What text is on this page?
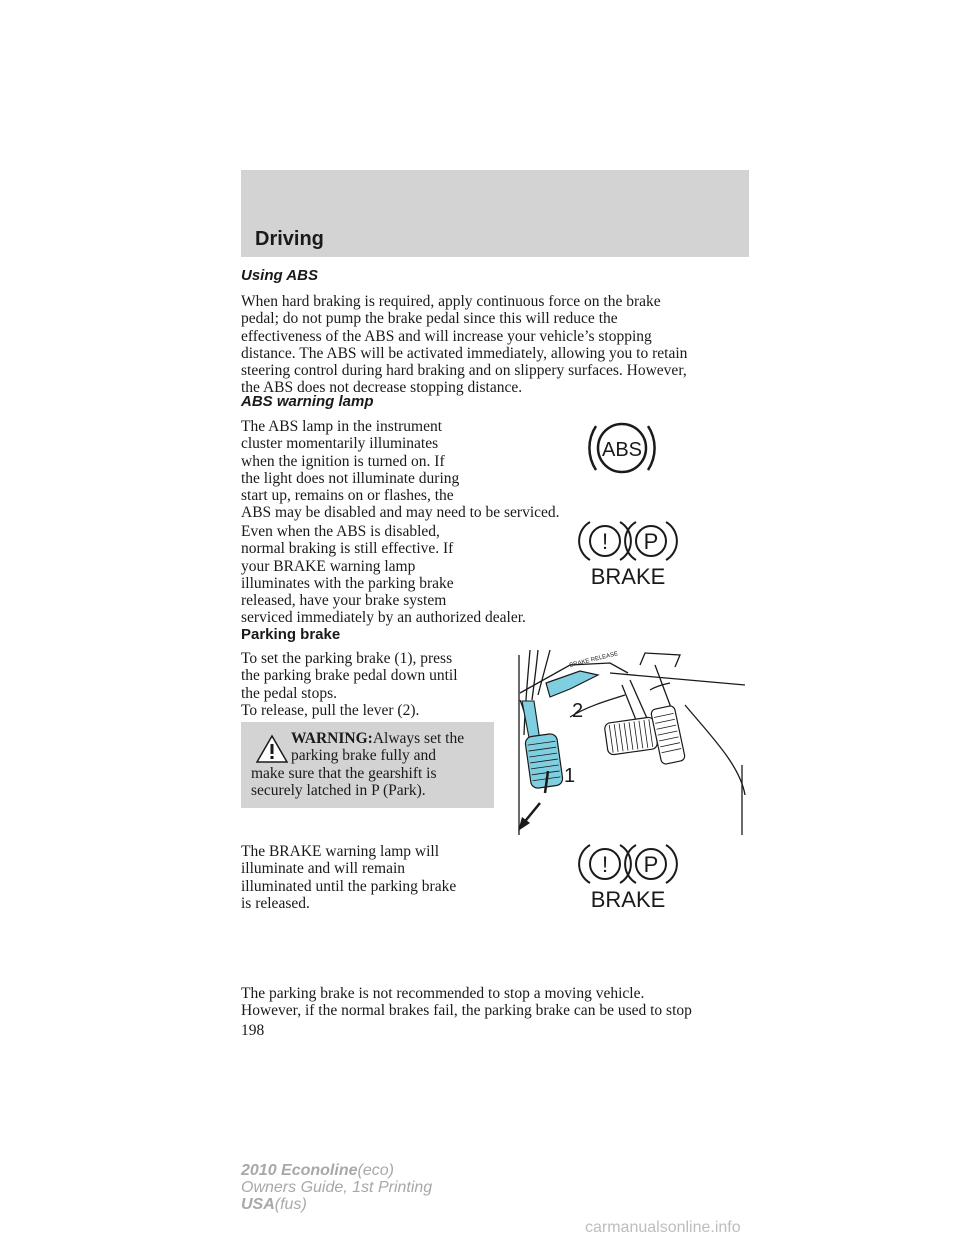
Driving
Using ABS
When hard braking is required, apply continuous force on the brake
pedal; do not pump the brake pedal since this will reduce the
effectiveness of the ABS and will increase your vehicle’s stopping
distance. The ABS will be activated immediately, allowing you to retain
steering control during hard braking and on slippery surfaces. However,
the ABS does not decrease stopping distance.
ABS warning lamp
The ABS lamp in the instrument
cluster momentarily illuminates
when the ignition is turned on. If
the light does not illuminate during
start up, remains on or flashes, the
ABS may be disabled and may need to be serviced.
ABS
Even when the ABS is disabled,
normal braking is still effective. If
your BRAKE warning lamp
illuminates with the parking brake
released, have your brake system
serviced immediately by an authorized dealer.
! P
BRAKE
Parking brake
To set the parking brake (1), press
the parking brake pedal down until
the pedal stops.
To release, pull the lever (2).
WARNING:Always set the
parking brake fully and
make sure that the gearshift is
securely latched in P (Park).
BRAKE RELEASE
2
1
The BRAKE warning lamp will
illuminate and will remain
illuminated until the parking brake
is released.
! P
BRAKE
The parking brake is not recommended to stop a moving vehicle.
However, if the normal brakes fail, the parking brake can be used to stop
198
2010 Econoline(eco)
Owners Guide, 1st Printing
USA(fus)
carmanualsonline.info
